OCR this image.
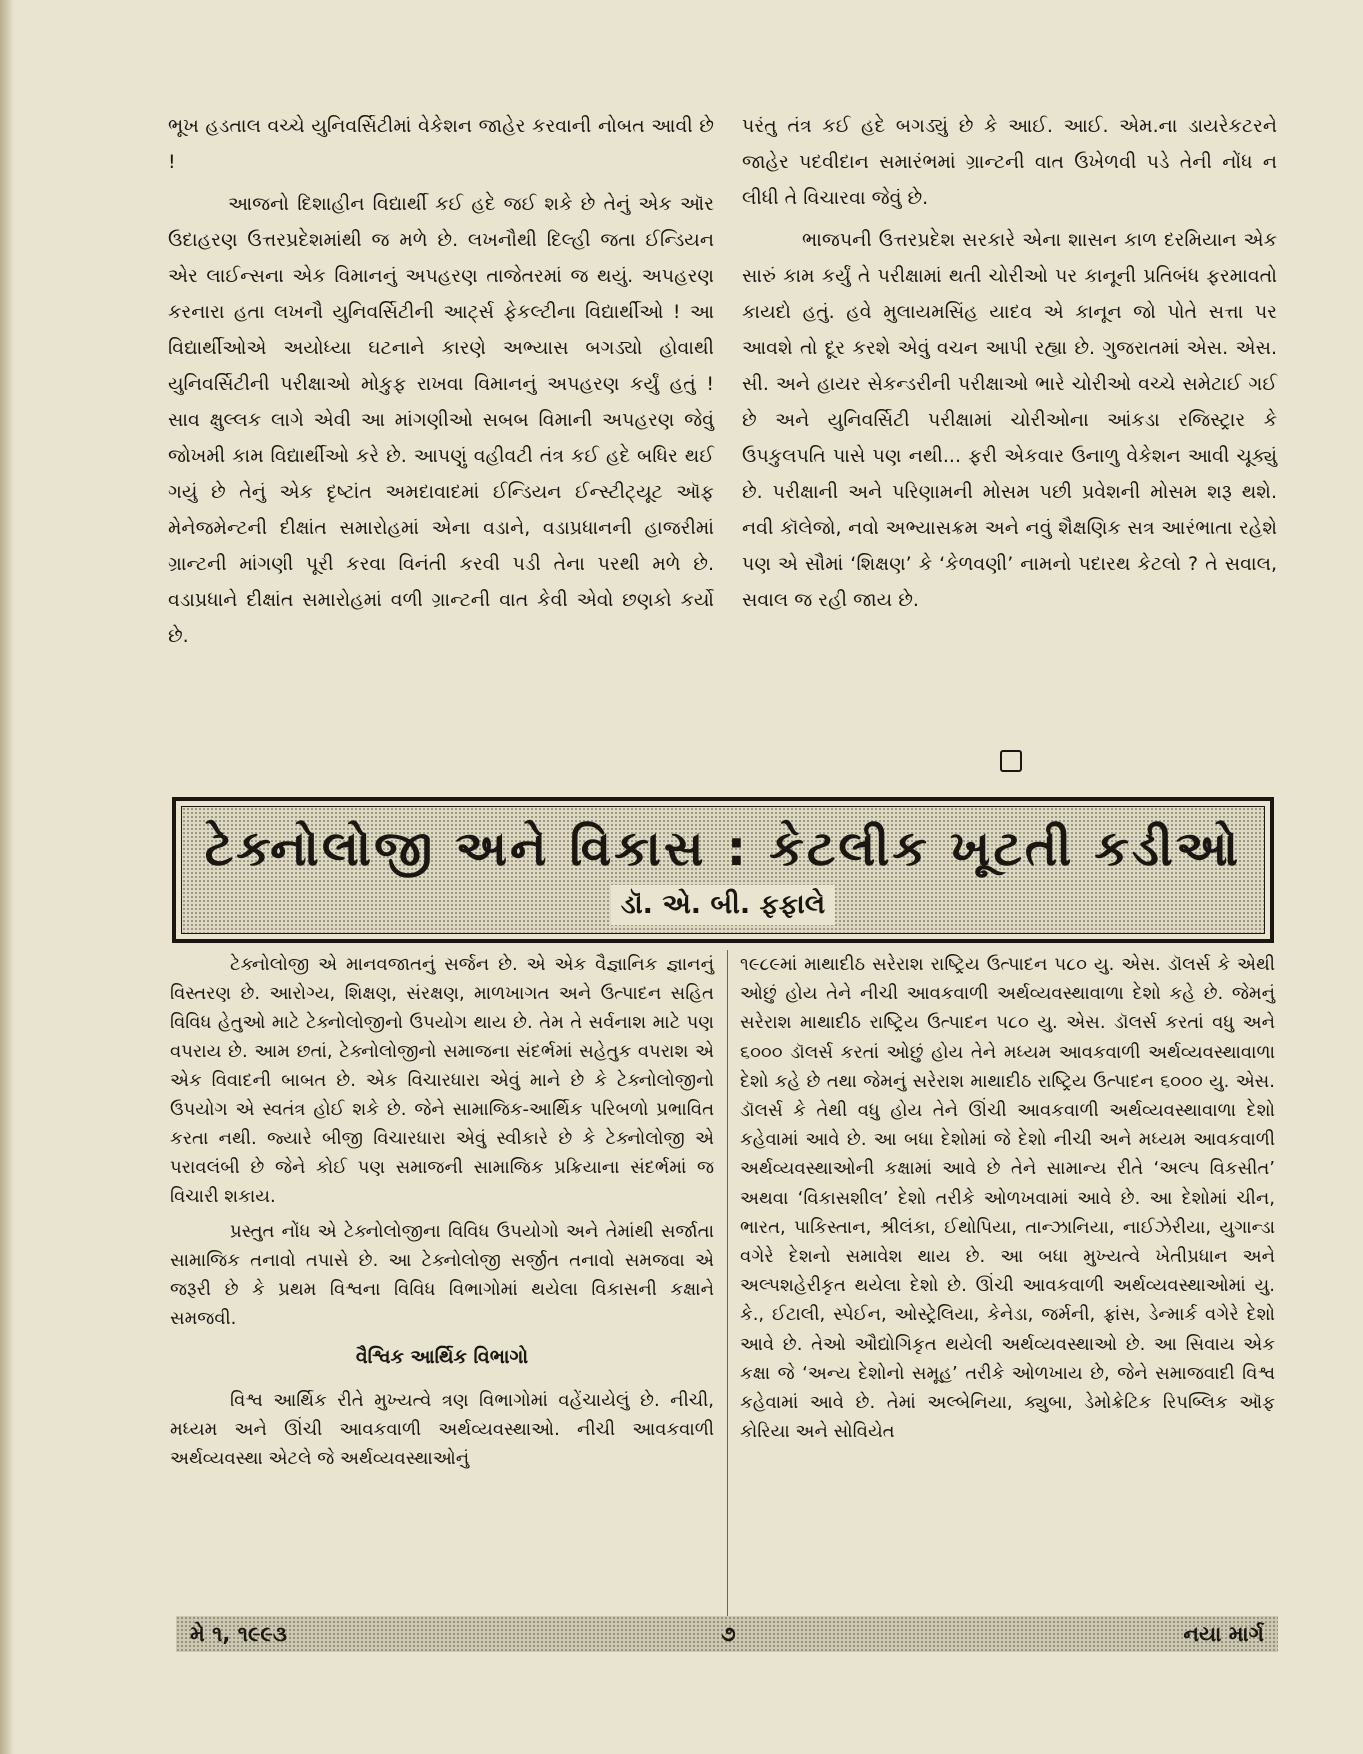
ભૂખ હડતાલ વચ્ચે યુનિવર્સિટીમાં વેકેશન જાહેર કરવાની નોબત આવી છે !

આજનો દિશાહીન વિદ્યાર્થી કઈ હદે જઈ શકે છે તેનું એક ઑર ઉદાહરણ ઉત્તરપ્રદેશમાંથી જ મળે છે. લખનૌથી દિલ્હી જતા ઈન્ડિયન એર લાઈન્સના એક વિમાનનું અપહરણ તાજેતરમાં જ થયું. અપહરણ કરનારા હતા લખનૌ યુનિવર્સિટીની આર્ટ્સ ફેકલ્ટીના વિદ્યાર્થીઓ ! આ વિદ્યાર્થીઓએ અયોધ્યા ઘટનાને કારણે અભ્યાસ બગડ્યો હોવાથી યુનિવર્સિટીની પરીક્ષાઓ મોકુફ રાખવા વિમાનનું અપહરણ કર્યું હતું ! સાવ ક્ષુલ્લક લાગે એવી આ માંગણીઓ સબબ વિમાની અપહરણ જેવું જોખમી કામ વિદ્યાર્થીઓ કરે છે. આપણું વહીવટી તંત્ર કઈ હદે બધિર થઈ ગયું છે તેનું એક દૃષ્ટાંત અમદાવાદમાં ઈન્ડિયન ઈન્સ્ટીટ્યૂટ ઑફ મેનેજમેન્ટની દીક્ષાંત સમારોહમાં એના વડાને, વડાપ્રધાનની હાજરીમાં ગ્રાન્ટની માંગણી પૂરી કરવા વિનંતી કરવી પડી તેના પરથી મળે છે. વડાપ્રધાને દીક્ષાંત સમારોહમાં વળી ગ્રાન્ટની વાત કેવી એવો છણકો કર્યો છે.

પરંતુ તંત્ર કઈ હદે બગડ્યું છે કે આઈ. આઈ. એમ.ના ડાયરેકટરને જાહેર પદવીદાન સમારંભમાં ગ્રાન્ટની વાત ઉખેળવી પડે તેની નોંધ ન લીધી તે વિચારવા જેવું છે.

ભાજપની ઉત્તરપ્રદેશ સરકારે એના શાસન કાળ દરમિયાન એક સારું કામ કર્યું તે પરીક્ષામાં થતી ચોરીઓ પર કાનૂની પ્રતિબંધ ફરમાવતો કાયદો હતું. હવે મુલાયમસિંહ યાદવ એ કાનૂન જો પોતે સત્તા પર આવશે તો દૂર કરશે એવું વચન આપી રહ્યા છે. ગુજરાતમાં એસ. એસ. સી. અને હાયર સેકન્ડરીની પરીક્ષાઓ ભારે ચોરીઓ વચ્ચે સમેટાઈ ગઈ છે અને યુનિવર્સિટી પરીક્ષામાં ચોરીઓના આંકડા રજિસ્ટ્રાર કે ઉપકુલપતિ પાસે પણ નથી... ફરી એકવાર ઉનાળુ વેકેશન આવી ચૂક્યું છે. પરીક્ષાની અને પરિણામની મોસમ પછી પ્રવેશની મોસમ શરૂ થશે. નવી કૉલેજો, નવો અભ્યાસક્રમ અને નવું શૈક્ષણિક સત્ર આરંભાતા રહેશે પણ એ સૌમાં ‘શિક્ષણ’ કે ‘કેળવણી’ નામનો પદારથ કેટલો ? તે સવાલ, સવાલ જ રહી જાય છે.

ટેક્નોલોજી અને વિકાસ : કેટલીક ખૂટતી કડીઓ
ડૉ. એ. બી. ફફાલે

ટેક્નોલોજી એ માનવજાતનું સર્જન છે. એ એક વૈજ્ઞાનિક જ્ઞાનનું વિસ્તરણ છે. આરોગ્ય, શિક્ષણ, સંરક્ષણ, માળખાગત અને ઉત્પાદન સહિત વિવિધ હેતુઓ માટે ટેક્નોલોજીનો ઉપયોગ થાય છે. તેમ તે સર્વનાશ માટે પણ વપરાય છે. આમ છતાં, ટેક્નોલોજીનો સમાજના સંદર્ભમાં સહેતુક વપરાશ એ એક વિવાદની બાબત છે. એક વિચારધારા એવું માને છે કે ટેક્નોલોજીનો ઉપયોગ એ સ્વતંત્ર હોઈ શકે છે. જેને સામાજિક-આર્થિક પરિબળો પ્રભાવિત કરતા નથી. જ્યારે બીજી વિચારધારા એવું સ્વીકારે છે કે ટેક્નોલોજી એ પરાવલંબી છે જેને કોઈ પણ સમાજની સામાજિક પ્રક્રિયાના સંદર્ભમાં જ વિચારી શકાય.

પ્રસ્તુત નોંધ એ ટેક્નોલોજીના વિવિધ ઉપયોગો અને તેમાંથી સર્જાતા સામાજિક તનાવો તપાસે છે. આ ટેક્નોલોજી સર્જીત તનાવો સમજવા એ જરૂરી છે કે પ્રથમ વિશ્વના વિવિધ વિભાગોમાં થયેલા વિકાસની કક્ષાને સમજવી.

વૈશ્વિક આર્થિક વિભાગો

વિશ્વ આર્થિક રીતે મુખ્યત્વે ત્રણ વિભાગોમાં વહેંચાયેલું છે. નીચી, મધ્યમ અને ઊંચી આવકવાળી અર્થવ્યવસ્થાઓ. નીચી આવકવાળી અર્થવ્યવસ્થા એટલે જે અર્થવ્યવસ્થાઓનું

૧૯૮૯માં માથાદીઠ સરેરાશ રાષ્ટ્રિય ઉત્પાદન ૫૮૦ યુ. એસ. ડૉલર્સ કે એથી ઓછું હોય તેને નીચી આવકવાળી અર્થવ્યવસ્થાવાળા દેશો કહે છે. જેમનું સરેરાશ માથાદીઠ રાષ્ટ્રિય ઉત્પાદન ૫૮૦ યુ. એસ. ડૉલર્સ કરતાં વધુ અને ૬૦૦૦ ડૉલર્સ કરતાં ઓછું હોય તેને મધ્યમ આવકવાળી અર્થવ્યવસ્થાવાળા દેશો કહે છે તથા જેમનું સરેરાશ માથાદીઠ રાષ્ટ્રિય ઉત્પાદન ૬૦૦૦ યુ. એસ. ડૉલર્સ કે તેથી વધુ હોય તેને ઊંચી આવકવાળી અર્થવ્યવસ્થાવાળા દેશો કહેવામાં આવે છે. આ બધા દેશોમાં જે દેશો નીચી અને મધ્યમ આવકવાળી અર્થવ્યવસ્થાઓની કક્ષામાં આવે છે તેને સામાન્ય રીતે ‘અલ્પ વિકસીત’ અથવા ‘વિકાસશીલ’ દેશો તરીકે ઓળખવામાં આવે છે. આ દેશોમાં ચીન, ભારત, પાકિસ્તાન, શ્રીલંકા, ઈથોપિયા, તાન્ઝાનિયા, નાઈઝેરીયા, યુગાન્ડા વગેરે દેશનો સમાવેશ થાય છે. આ બધા મુખ્યત્વે ખેતીપ્રધાન અને અલ્પશહેરીકૃત થયેલા દેશો છે. ઊંચી આવકવાળી અર્થવ્યવસ્થાઓમાં યુ. કે., ઈટાલી, સ્પેઈન, ઓસ્ટ્રેલિયા, કેનેડા, જર્મની, ફ્રાંસ, ડેન્માર્ક વગેરે દેશો આવે છે. તેઓ ઔદ્યોગિકૃત થયેલી અર્થવ્યવસ્થાઓ છે. આ સિવાય એક કક્ષા જે ‘અન્ય દેશોનો સમૂહ’ તરીકે ઓળખાય છે, જેને સમાજવાદી વિશ્વ કહેવામાં આવે છે. તેમાં અલ્બેનિયા, ક્યુબા, ડેમોક્રેટિક રિપબ્લિક ઑફ કોરિયા અને સોવિયેત

મે ૧, ૧૯૯૩	૭	નયા માર્ગ
